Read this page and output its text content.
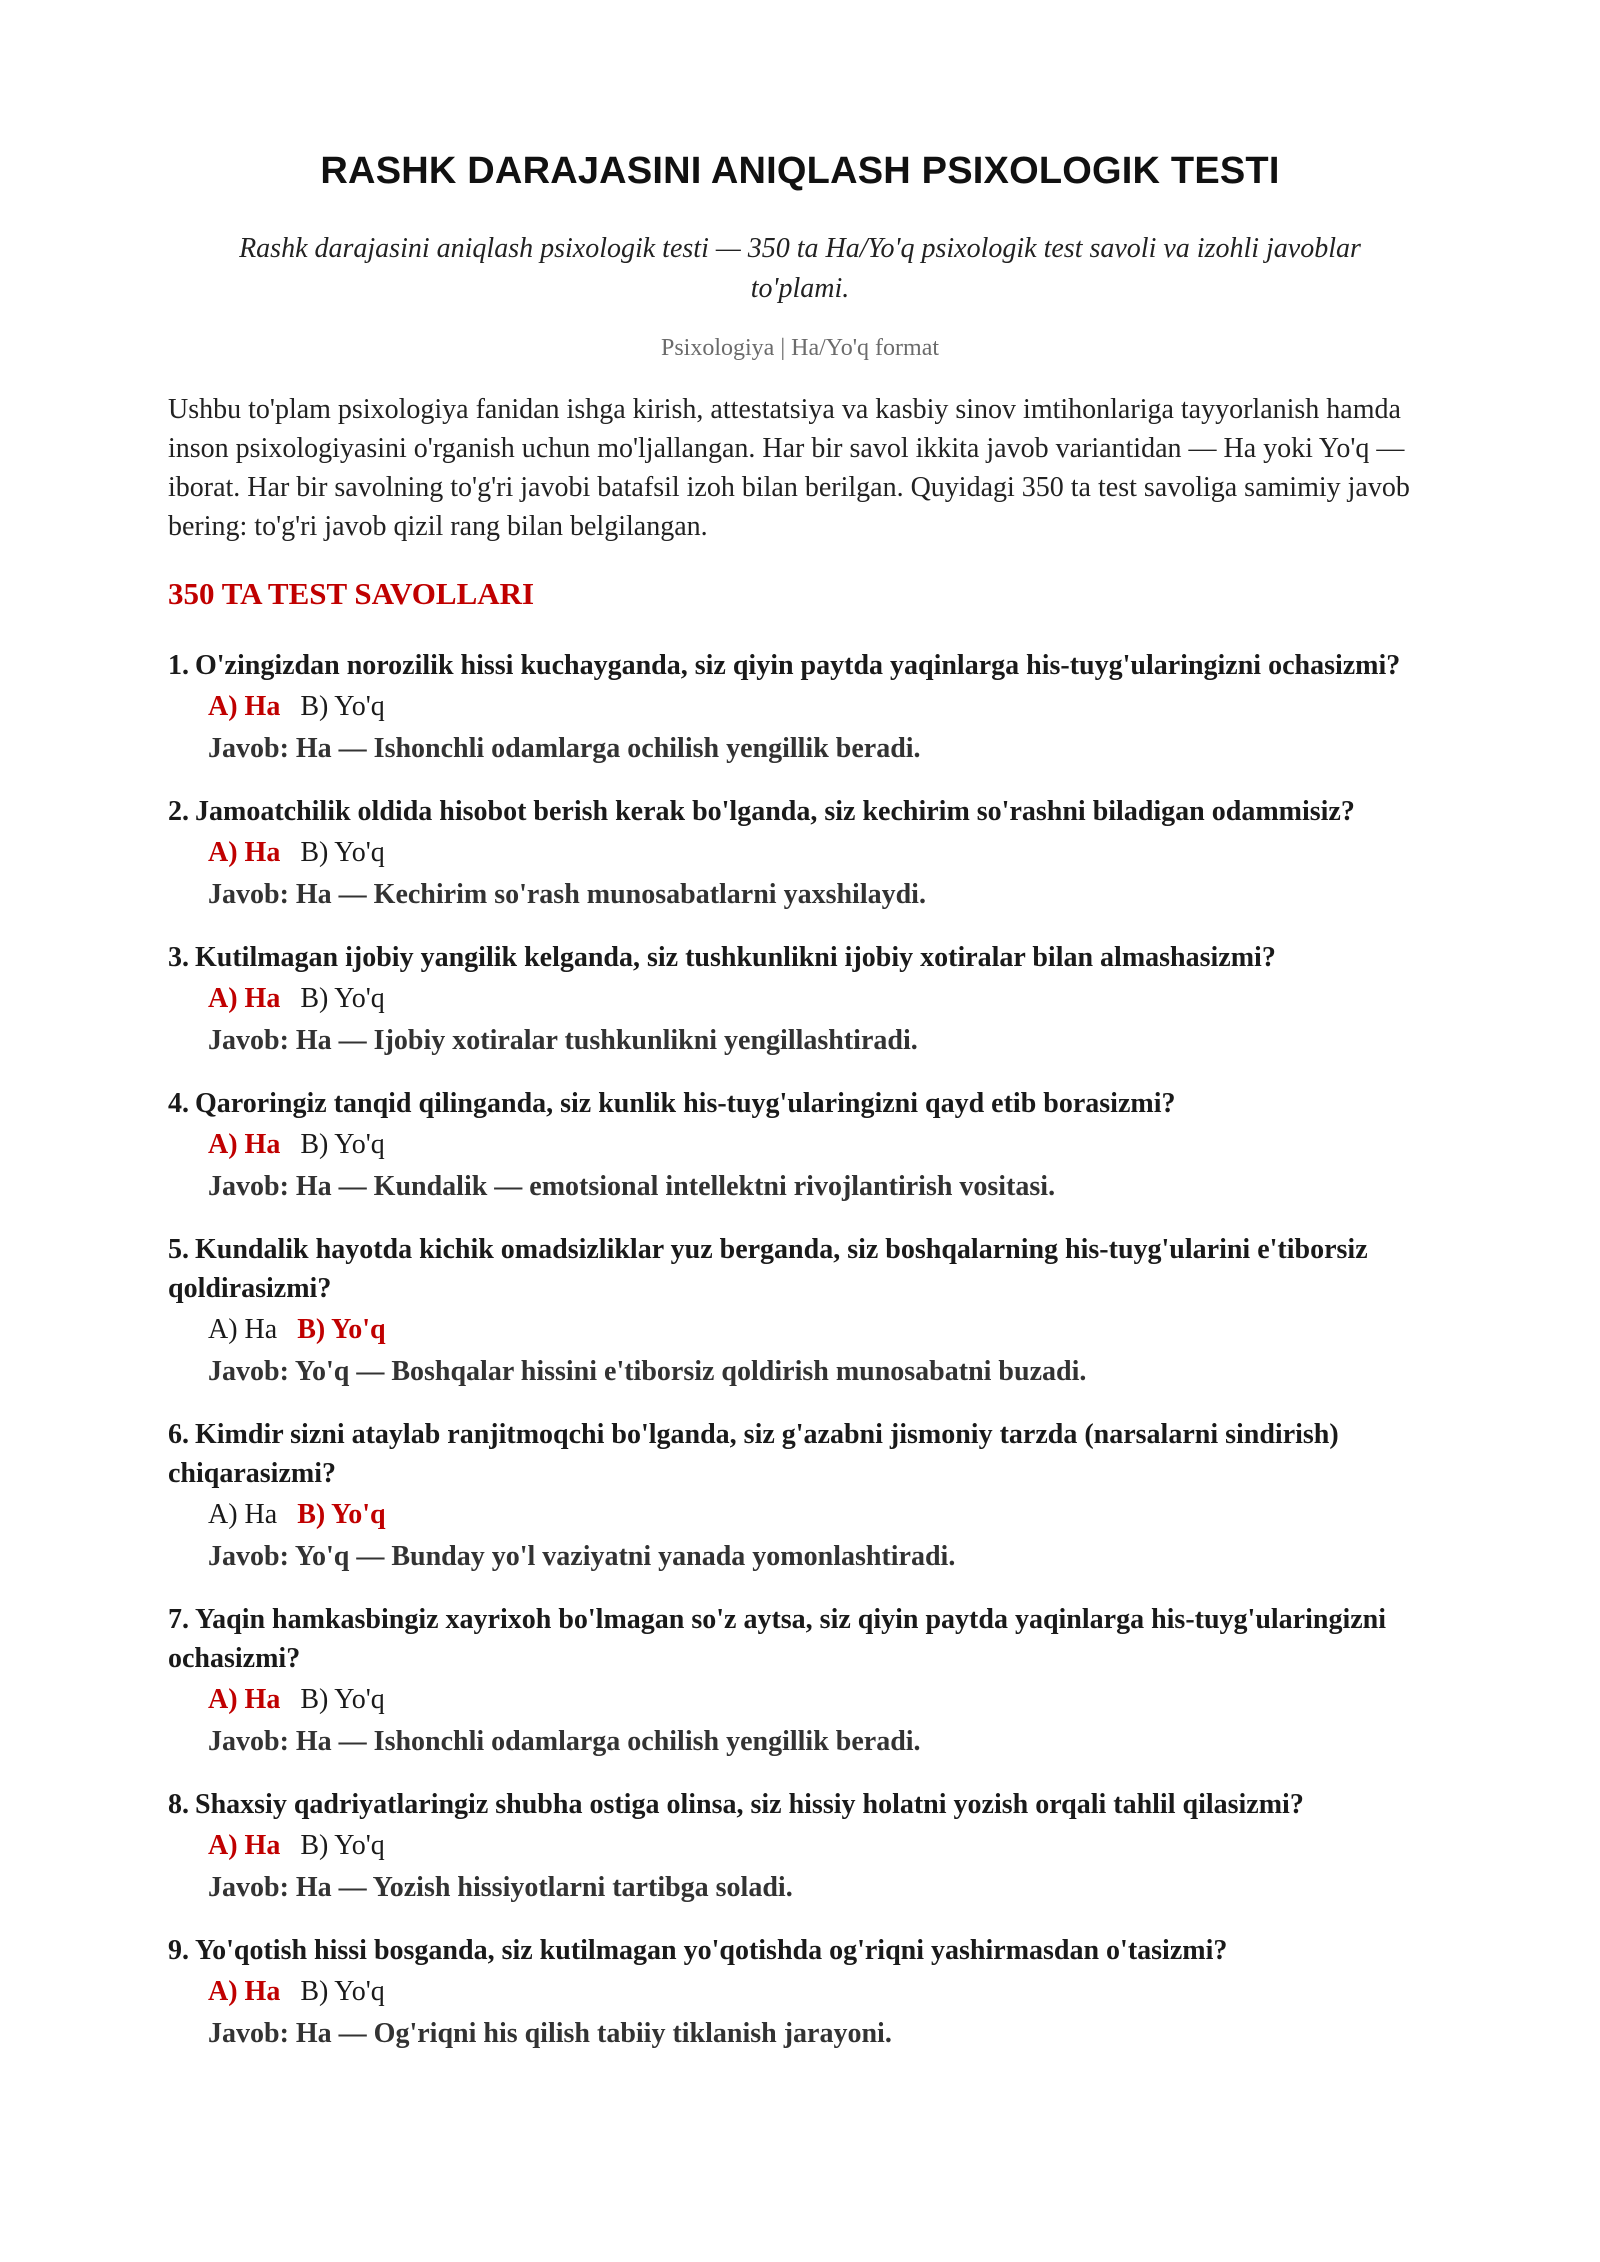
RASHK DARAJASINI ANIQLASH PSIXOLOGIK TESTI
Rashk darajasini aniqlash psixologik testi — 350 ta Ha/Yo'q psixologik test savoli va izohli javoblar to'plami.
Psixologiya | Ha/Yo'q format

Ushbu to'plam psixologiya fanidan ishga kirish, attestatsiya va kasbiy sinov imtihonlariga tayyorlanish hamda inson psixologiyasini o'rganish uchun mo'ljallangan. Har bir savol ikkita javob variantidan — Ha yoki Yo'q — iborat. Har bir savolning to'g'ri javobi batafsil izoh bilan berilgan. Quyidagi 350 ta test savoliga samimiy javob bering: to'g'ri javob qizil rang bilan belgilangan.

350 TA TEST SAVOLLARI
1. O'zingizdan norozilik hissi kuchayganda, siz qiyin paytda yaqinlarga his-tuyg'ularingizni ochasizmi?
A) Ha B) Yo'q
Javob: Ha — Ishonchli odamlarga ochilish yengillik beradi.
2. Jamoatchilik oldida hisobot berish kerak bo'lganda, siz kechirim so'rashni biladigan odammisiz?
A) Ha B) Yo'q
Javob: Ha — Kechirim so'rash munosabatlarni yaxshilaydi.
3. Kutilmagan ijobiy yangilik kelganda, siz tushkunlikni ijobiy xotiralar bilan almashasizmi?
A) Ha B) Yo'q
Javob: Ha — Ijobiy xotiralar tushkunlikni yengillashtiradi.
4. Qaroringiz tanqid qilinganda, siz kunlik his-tuyg'ularingizni qayd etib borasizmi?
A) Ha B) Yo'q
Javob: Ha — Kundalik — emotsional intellektni rivojlantirish vositasi.
5. Kundalik hayotda kichik omadsizliklar yuz berganda, siz boshqalarning his-tuyg'ularini e'tiborsiz qoldirasizmi?
A) Ha B) Yo'q
Javob: Yo'q — Boshqalar hissini e'tiborsiz qoldirish munosabatni buzadi.
6. Kimdir sizni ataylab ranjitmoqchi bo'lganda, siz g'azabni jismoniy tarzda (narsalarni sindirish) chiqarasizmi?
A) Ha B) Yo'q
Javob: Yo'q — Bunday yo'l vaziyatni yanada yomonlashtiradi.
7. Yaqin hamkasbingiz xayrixoh bo'lmagan so'z aytsa, siz qiyin paytda yaqinlarga his-tuyg'ularingizni ochasizmi?
A) Ha B) Yo'q
Javob: Ha — Ishonchli odamlarga ochilish yengillik beradi.
8. Shaxsiy qadriyatlaringiz shubha ostiga olinsa, siz hissiy holatni yozish orqali tahlil qilasizmi?
A) Ha B) Yo'q
Javob: Ha — Yozish hissiyotlarni tartibga soladi.
9. Yo'qotish hissi bosganda, siz kutilmagan yo'qotishda og'riqni yashirmasdan o'tasizmi?
A) Ha B) Yo'q
Javob: Ha — Og'riqni his qilish tabiiy tiklanish jarayoni.
